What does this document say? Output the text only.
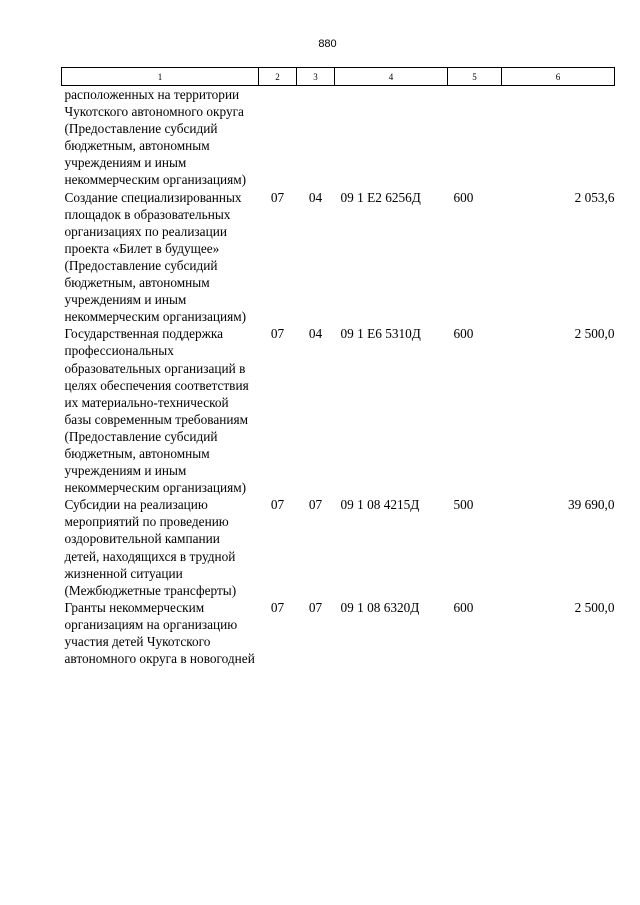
880
1	2	3	4	5	6
расположенных на территории Чукотского автономного округа (Предоставление субсидий бюджетным, автономным учреждениям и иным некоммерческим организациям)					
Создание специализированных площадок в образовательных организациях по реализации проекта «Билет в будущее» (Предоставление субсидий бюджетным, автономным учреждениям и иным некоммерческим организациям)	07	04	09 1 E2 6256Д	600	2 053,6
Государственная поддержка профессиональных образовательных организаций в целях обеспечения соответствия их материально-технической базы современным требованиям (Предоставление субсидий бюджетным, автономным учреждениям и иным некоммерческим организациям)	07	04	09 1 E6 5310Д	600	2 500,0
Субсидии на реализацию мероприятий по проведению оздоровительной кампании детей, находящихся в трудной жизненной ситуации (Межбюджетные трансферты)	07	07	09 1 08 4215Д	500	39 690,0
Гранты некоммерческим организациям на организацию участия детей Чукотского автономного округа в новогодней	07	07	09 1 08 6320Д	600	2 500,0
